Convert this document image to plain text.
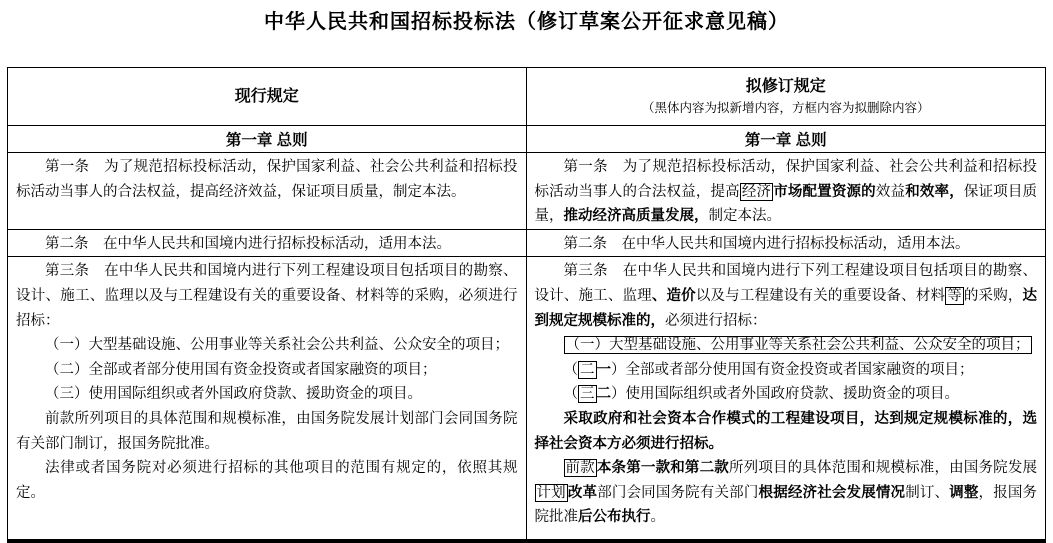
中华人民共和国招标投标法（修订草案公开征求意见稿）
现行规定
拟修订规定
（黑体内容为拟新增内容，方框内容为拟删除内容）
第一章 总则	第一章 总则

第一条　为了规范招标投标活动，保护国家利益、社会公共利益和招标投标活动当事人的合法权益，提高经济效益，保证项目质量，制定本法。

第一条　为了规范招标投标活动，保护国家利益、社会公共利益和招标投标活动当事人的合法权益，提高 经济 市场配置资源的效益和效率，保证项目质量，推动经济高质量发展，制定本法。

第二条　在中华人民共和国境内进行招标投标活动，适用本法。	第二条　在中华人民共和国境内进行招标投标活动，适用本法。

第三条　在中华人民共和国境内进行下列工程建设项目包括项目的勘察、设计、施工、监理以及与工程建设有关的重要设备、材料等的采购，必须进行招标：

（一）大型基础设施、公用事业等关系社会公共利益、公众安全的项目；

（二）全部或者部分使用国有资金投资或者国家融资的项目；

（三）使用国际组织或者外国政府贷款、援助资金的项目。

前款所列项目的具体范围和规模标准，由国务院发展计划部门会同国务院有关部门制订，报国务院批准。

法律或者国务院对必须进行招标的其他项目的范围有规定的，依照其规定。

第三条　在中华人民共和国境内进行下列工程建设项目包括项目的勘察、设计、施工、监理、造价以及与工程建设有关的重要设备、材料 等 的采购，达到规定规模标准的，必须进行招标：

（一）大型基础设施、公用事业等关系社会公共利益、公众安全的项目；

（ 二 一）全部或者部分使用国有资金投资或者国家融资的项目；

（ 三 二）使用国际组织或者外国政府贷款、援助资金的项目。

采取政府和社会资本合作模式的工程建设项目，达到规定规模标准的，选择社会资本方必须进行招标。

前款 本条第一款和第二款所列项目的具体范围和规模标准，由国务院发展计划 改革部门会同国务院有关部门根据经济社会发展情况制订、调整，报国务院批准后公布执行。
